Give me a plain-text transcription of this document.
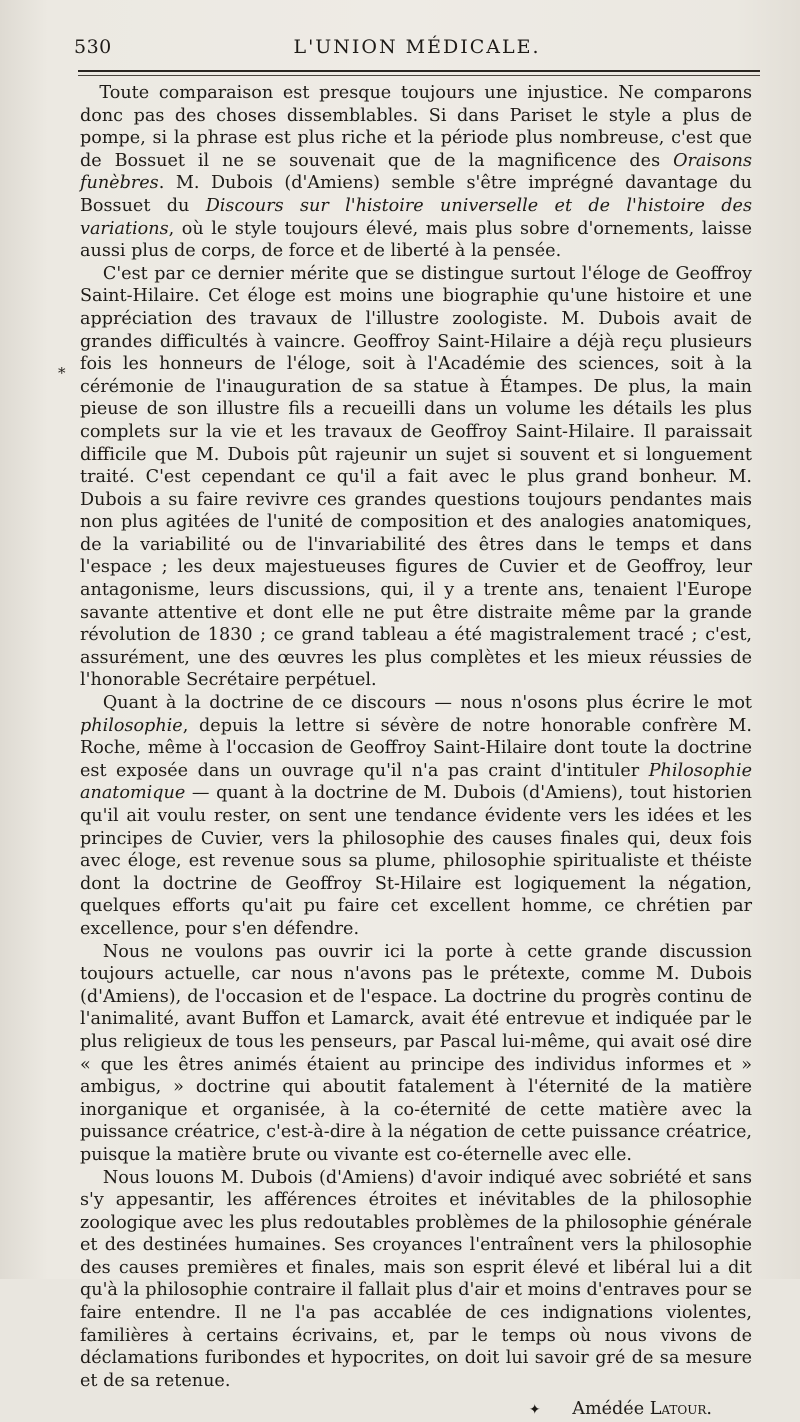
530	L'UNION MÉDICALE.
*

Toute comparaison est presque toujours une injustice. Ne comparons donc pas des choses dissemblables. Si dans Pariset le style a plus de pompe, si la phrase est plus riche et la période plus nombreuse, c'est que de Bossuet il ne se souvenait que de la magnificence des Oraisons funèbres. M. Dubois (d'Amiens) semble s'être imprégné davantage du Bossuet du Discours sur l'histoire universelle et de l'histoire des variations, où le style toujours élevé, mais plus sobre d'ornements, laisse aussi plus de corps, de force et de liberté à la pensée.

C'est par ce dernier mérite que se distingue surtout l'éloge de Geoffroy Saint-Hilaire. Cet éloge est moins une biographie qu'une histoire et une appréciation des travaux de l'illustre zoologiste. M. Dubois avait de grandes difficultés à vaincre. Geoffroy Saint-Hilaire a déjà reçu plusieurs fois les honneurs de l'éloge, soit à l'Académie des sciences, soit à la cérémonie de l'inauguration de sa statue à Étampes. De plus, la main pieuse de son illustre fils a recueilli dans un volume les détails les plus complets sur la vie et les travaux de Geoffroy Saint-Hilaire. Il paraissait difficile que M. Dubois pût rajeunir un sujet si souvent et si longuement traité. C'est cependant ce qu'il a fait avec le plus grand bonheur. M. Dubois a su faire revivre ces grandes questions toujours pendantes mais non plus agitées de l'unité de composition et des analogies anatomiques, de la variabilité ou de l'invariabilité des êtres dans le temps et dans l'espace ; les deux majestueuses figures de Cuvier et de Geoffroy, leur antagonisme, leurs discussions, qui, il y a trente ans, tenaient l'Europe savante attentive et dont elle ne put être distraite même par la grande révolution de 1830 ; ce grand tableau a été magistralement tracé ; c'est, assurément, une des œuvres les plus complètes et les mieux réussies de l'honorable Secrétaire perpétuel.

Quant à la doctrine de ce discours — nous n'osons plus écrire le mot philosophie, depuis la lettre si sévère de notre honorable confrère M. Roche, même à l'occasion de Geoffroy Saint-Hilaire dont toute la doctrine est exposée dans un ouvrage qu'il n'a pas craint d'intituler Philosophie anatomique — quant à la doctrine de M. Dubois (d'Amiens), tout historien qu'il ait voulu rester, on sent une tendance évidente vers les idées et les principes de Cuvier, vers la philosophie des causes finales qui, deux fois avec éloge, est revenue sous sa plume, philosophie spiritualiste et théiste dont la doctrine de Geoffroy St-Hilaire est logiquement la négation, quelques efforts qu'ait pu faire cet excellent homme, ce chrétien par excellence, pour s'en défendre.

Nous ne voulons pas ouvrir ici la porte à cette grande discussion toujours actuelle, car nous n'avons pas le prétexte, comme M. Dubois (d'Amiens), de l'occasion et de l'espace. La doctrine du progrès continu de l'animalité, avant Buffon et Lamarck, avait été entrevue et indiquée par le plus religieux de tous les penseurs, par Pascal lui-même, qui avait osé dire « que les êtres animés étaient au principe des individus informes et » ambigus, » doctrine qui aboutit fatalement à l'éternité de la matière inorganique et organisée, à la co-éternité de cette matière avec la puissance créatrice, c'est-à-dire à la négation de cette puissance créatrice, puisque la matière brute ou vivante est co-éternelle avec elle.

Nous louons M. Dubois (d'Amiens) d'avoir indiqué avec sobriété et sans s'y appesantir, les afférences étroites et inévitables de la philosophie zoologique avec les plus redoutables problèmes de la philosophie générale et des destinées humaines. Ses croyances l'entraînent vers la philosophie des causes premières et finales, mais son esprit élevé et libéral lui a dit qu'à la philosophie contraire il fallait plus d'air et moins d'entraves pour se faire entendre. Il ne l'a pas accablée de ces indignations violentes, familières à certains écrivains, et, par le temps où nous vivons de déclamations furibondes et hypocrites, on doit lui savoir gré de sa mesure et de sa retenue.

✦ Amédée Latour.
